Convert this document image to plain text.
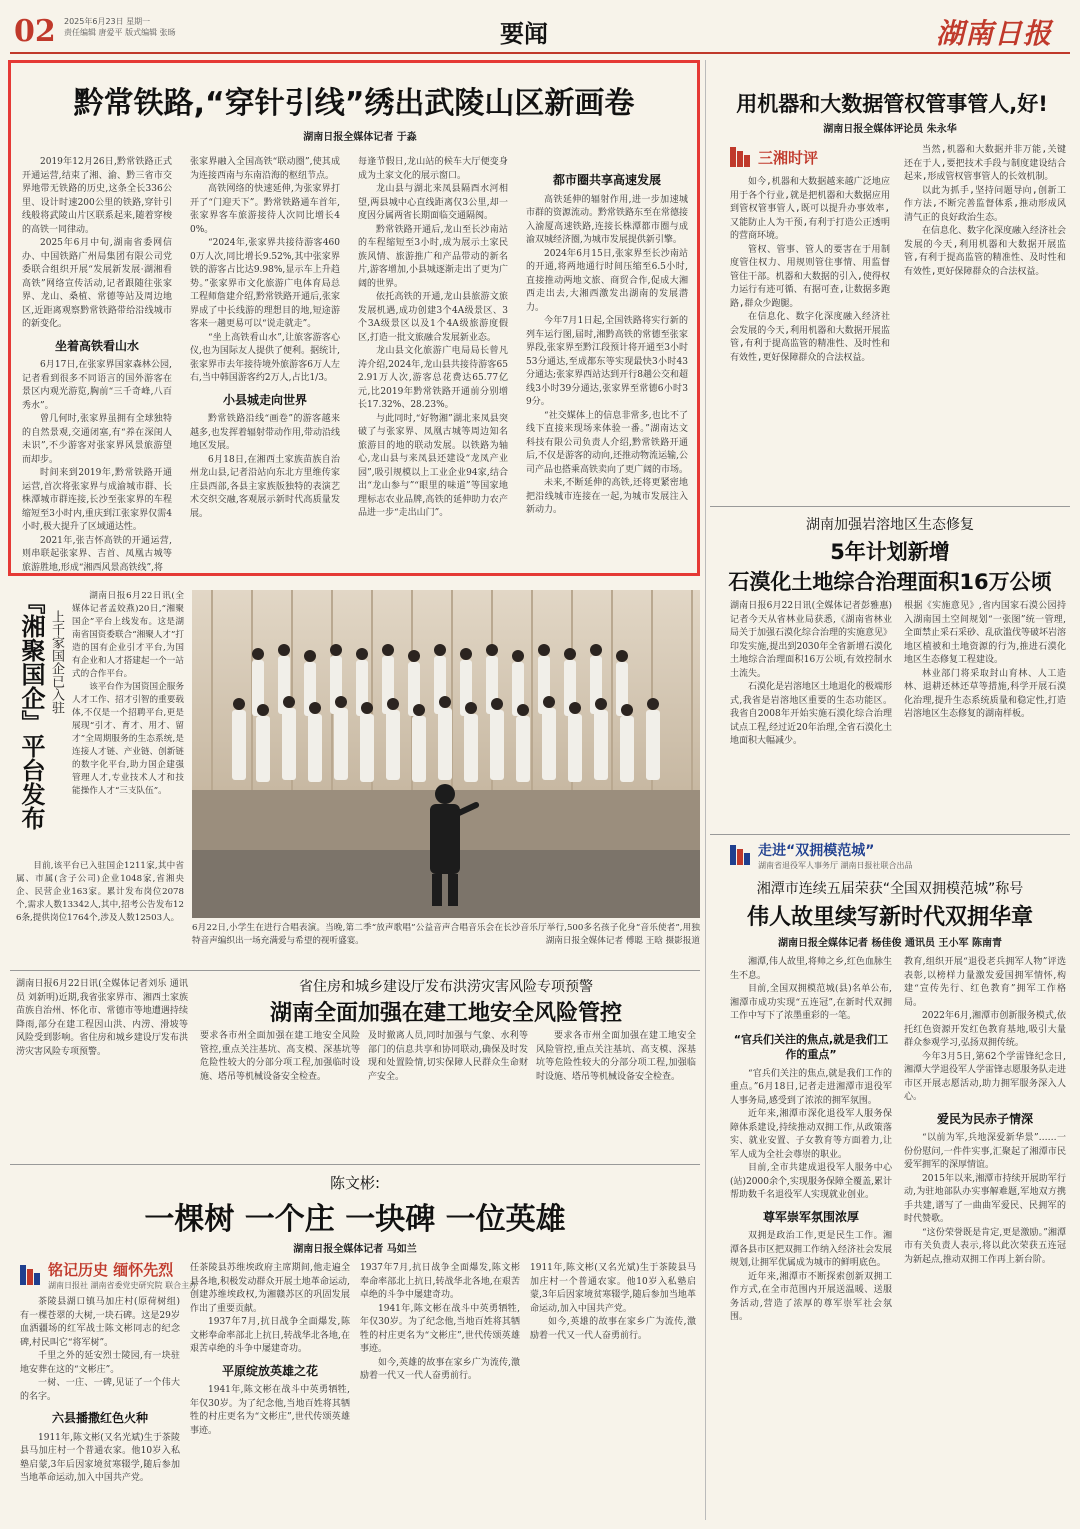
02 2025年6月23日 星期一
责任编辑 唐爱平 版式编辑 张旸	要闻	湖南日报
黔常铁路,“穿针引线”绣出武陵山区新画卷
湖南日报全媒体记者 于淼

2019年12月26日,黔常铁路正式开通运营,结束了湘、渝、黔三省市交界地带无铁路的历史,这条全长336公里、设计时速200公里的铁路,穿针引线般将武陵山片区联系起来,随着穿梭的高铁一同律动。

2025年6月中旬,湖南省委网信办、中国铁路广州局集团有限公司党委联合组织开展“发展新发展·湖湘看高铁”网络宣传活动,记者跟随往张家界、龙山、桑植、常德等站及周边地区,近距离观察黔常铁路带给沿线城市的新变化。

坐着高铁看山水

6月17日,在张家界国家森林公园,记者看到很多不同语言的国外游客在景区内观光游览,胸前“三千奇峰,八百秀水”。

曾几何时,张家界虽拥有全球独特的自然景观,交通闭塞,有“养在深闺人未识”,不少游客对张家界风景旅游望而却步。

时间来到2019年,黔常铁路开通运营,首次将张家界与成渝城市群、长株潭城市群连接,长沙至张家界的车程缩短至3小时内,重庆到江张家界仅需4小时,极大提升了区域通达性。

2021年,张吉怀高铁的开通运营,则串联起张家界、吉首、凤凰古城等旅游胜地,形成“湘西风景高铁线”,将

张家界融入全国高铁“联动圈”,使其成为连接西南与东南沿海的枢纽节点。

高铁网络的快速延伸,为张家界打开了“门迎天下”。黔常铁路通车首年,张家界客车旅游接待人次同比增长40%。

“2024年,张家界共接待游客4600万人次,同比增长9.52%,其中张家界铁的游客占比达9.98%,显示车上升趋势。”张家界市文化旅游广电体育局总工程师詹建介绍,黔常铁路开通后,张家界成了中长线游的理想目的地,短途游客来一趟更易可以“说走就走”。

“坐上高铁看山水”,让旅客游客心仪,也为国际友人提供了便利。据统计,张家界市去年接待境外旅游客6万人左右,当中韩国游客约2万人,占比1/3。

小县城走向世界

黔常铁路沿线“画卷”的游客越来越多,也发挥着辐射带动作用,带动沿线地区发展。

6月18日,在湘西土家族苗族自治州龙山县,记者沿站向东北方里维传家庄县西部,各县主家族版独特的表演艺术交织交融,客观展示新时代高质量发展。

每逢节假日,龙山站的候车大厅便变身成为土家文化的展示窗口。

龙山县与湖北来凤县隔酉水河相望,两县城中心直线距离仅3公里,却一度因分属两省长期面临交通隔阂。

黔常铁路开通后,龙山至长沙南站的车程缩短至3小时,成为展示土家民族风情、旅游推广和产品带动的新名片,游客增加,小县城逐渐走出了更为广阔的世界。

依托高铁的开通,龙山县旅游文旅发展机遇,成功创建3个4A级景区、3个3A级景区以及1个4A级旅游度假区,打造一批文旅融合发展新业态。

龙山县文化旅游广电局局长曾凡涛介绍,2024年,龙山县共接待游客652.91万人次,游客总花费达65.77亿元,比2019年黔常铁路开通前分别增长17.32%、28.23%。

与此同时,“好物湘”湖北来凤县突破了与张家界、凤凰古城等周边知名旅游目的地的联动发展。以铁路为轴心,龙山县与来凤县还建设“龙凤产业园”,吸引规模以上工业企业94家,结合出“龙山参与”“眼里的味道”等国家地理标志农业品牌,高铁的延伸助力农产品进一步“走出山门”。

都市圈共享高速发展

高铁延伸的辐射作用,进一步加速城市群的资源流动。黔常铁路东至在常德接入渝厦高速铁路,连接长株潭都市圈与成渝双城经济圈,为城市发展提供新引擎。

2024年6月15日,张家界至长沙南站的开通,将两地通行时间压缩至6.5小时,直接推动两地文旅、商贸合作,促成大湘西走出去,大湘西激发出湖南的发展潜力。

今年7月1日起,全国铁路将实行新的列车运行图,届时,湘黔高铁的常德至张家界段,张家界至黔江段预计将开通至3小时53分通达,至成都东等实现最快3小时43分通达;张家界西站达到开行8趟公交和超线3小时39分通达,张家界至常德6小时39分。

“社交媒体上的信息非常多,也比不了线下直接来现场来体验一番。”湖南达文科技有限公司负责人介绍,黔常铁路开通后,不仅是游客的动向,还推动物流运输,公司产品也搭乘高铁卖向了更广阔的市场。

未来,不断延伸的高铁,还将更紧密地把沿线城市连接在一起,为城市发展注入新动力。

用机器和大数据管权管事管人,好!
湖南日报全媒体评论员 朱永华
三湘时评

如今,机器和大数据越来越广泛地应用于各个行业,就是把机器和大数据应用到管权管事管人,既可以提升办事效率,又能防止人为干预,有利于打造公正透明的营商环境。

管权、管事、管人的要害在于用制度管住权力、用规则管住事情、用监督管住干部。机器和大数据的引入,使得权力运行有迹可循、有据可查,让数据多跑路,群众少跑腿。

在信息化、数字化深度融入经济社会发展的今天,利用机器和大数据开展监管,有利于提高监管的精准性、及时性和有效性,更好保障群众的合法权益。

当然,机器和大数据并非万能,关键还在于人,要把技术手段与制度建设结合起来,形成管权管事管人的长效机制。

以此为抓手,坚持问题导向,创新工作方法,不断完善监督体系,推动形成风清气正的良好政治生态。

在信息化、数字化深度融入经济社会发展的今天,利用机器和大数据开展监管,有利于提高监管的精准性、及时性和有效性,更好保障群众的合法权益。

湖南加强岩溶地区生态修复
5年计划新增
石漠化土地综合治理面积16万公顷

湖南日报6月22日讯(全媒体记者彭雅惠)记者今天从省林业局获悉,《湖南省林业局关于加强石漠化综合治理的实施意见》印发实施,提出到2030年全省新增石漠化土地综合治理面积16万公顷,有效控制水土流失。

石漠化是岩溶地区土地退化的极端形式,我省是岩溶地区重要的生态功能区。我省自2008年开始实施石漠化综合治理试点工程,经过近20年治理,全省石漠化土地面积大幅减少。

根据《实施意见》,省内国家石漠公园持入湖南国土空间规划“一张图”统一管理,全面禁止采石采砂、乱砍滥伐等破坏岩溶地区植被和土地资源的行为,推进石漠化地区生态修复工程建设。

林业部门将采取封山育林、人工造林、退耕还林还草等措施,科学开展石漠化治理,提升生态系统质量和稳定性,打造岩溶地区生态修复的湖南样板。

走进“双拥模范城”
湖南省退役军人事务厅 湖南日报社联合出品
湘潭市连续五届荣获“全国双拥模范城”称号
伟人故里续写新时代双拥华章
湖南日报全媒体记者 杨佳俊 通讯员 王小军 陈南青

湘潭,伟人故里,将帅之乡,红色血脉生生不息。

目前,全国双拥模范城(县)名单公布,湘潭市成功实现“五连冠”,在新时代双拥工作中写下了浓墨重彩的一笔。

“官兵们关注的焦点,就是我们工作的重点”

“官兵们关注的焦点,就是我们工作的重点。”6月18日,记者走进湘潭市退役军人事务局,感受到了浓浓的拥军氛围。

近年来,湘潭市深化退役军人服务保障体系建设,持续推动双拥工作,从政策落实、就业安置、子女教育等方面着力,让军人成为全社会尊崇的职业。

目前,全市共建成退役军人服务中心(站)2000余个,实现服务保障全覆盖,累计帮助数千名退役军人实现就业创业。

尊军崇军氛围浓厚

双拥是政治工作,更是民生工作。湘潭各县市区把双拥工作纳入经济社会发展规划,让拥军优属成为城市的鲜明底色。

近年来,湘潭市不断探索创新双拥工作方式,在全市范围内开展送温暖、送服务活动,营造了浓厚的尊军崇军社会氛围。

教育,组织开展“退役老兵拥军人物”评选表彰,以榜样力量激发爱国拥军情怀,构建“宣传先行、红色教育”拥军工作格局。

2022年6月,湘潭市创新服务模式,依托红色资源开发红色教育基地,吸引大量群众参观学习,弘扬双拥传统。

今年3月5日,第62个学雷锋纪念日,湘潭大学退役军人学雷锋志愿服务队走进市区开展志愿活动,助力拥军服务深入人心。

爱民为民赤子情深

“以前为军,兵地深爱新华景”……一份份慰问,一件件实事,汇聚起了湘潭市民爱军拥军的深厚情谊。

2015年以来,湘潭市持续开展助军行动,为驻地部队办实事解难题,军地双方携手共建,谱写了一曲曲军爱民、民拥军的时代赞歌。

“这份荣誉既是肯定,更是激励。”湘潭市有关负责人表示,将以此次荣获五连冠为新起点,推动双拥工作再上新台阶。

『湘聚国企』平台发布 上千家国企已入驻

湖南日报6月22日讯(全媒体记者孟姣燕)20日,“湘聚国企”平台上线发布。这是湖南省国资委联合“湘聚人才”打造的国有企业引才平台,为国有企业和人才搭建起一个一站式的合作平台。

该平台作为国资国企服务人才工作、招才引智的重要载体,不仅是一个招聘平台,更是展现“引才、育才、用才、留才”全周期服务的生态系统,是连接人才链、产业链、创新链的数字化平台,助力国企建强管理人才,专业技术人才和技能操作人才“三支队伍”。

目前,该平台已入驻国企1211家,其中省属、市属(含子公司)企业1048家,省湘央企、民营企业163家。累计发布岗位2078个,需求人数13342人,其中,招考公告发布126条,提供岗位1764个,涉及人数12503人。

6月22日,小学生在进行合唱表演。当晚,第二季“放声歌唱”公益音声合唱音乐会在长沙音乐厅举行,500多名孩子化身“音乐使者”,用独特音声编织出一场充满爱与希望的视听盛宴。	湖南日报全媒体记者 傅聪 王晗 摄影报道

湖南日报6月22日讯(全媒体记者刘乐 通讯员 刘新明)近期,我省张家界市、湘西土家族苗族自治州、怀化市、常德市等地遭遇持续降雨,部分在建工程因山洪、内涝、滑坡等风险受到影响。省住房和城乡建设厅发布洪涝灾害风险专项预警。

省住房和城乡建设厅发布洪涝灾害风险专项预警
湖南全面加强在建工地安全风险管控

要求各市州全面加强在建工地安全风险管控,重点关注基坑、高支模、深基坑等危险性较大的分部分项工程,加强临时设施、塔吊等机械设备安全检查。

及时撤离人员,同时加强与气象、水利等部门的信息共享和协同联动,确保及时发现和处置险情,切实保障人民群众生命财产安全。

要求各市州全面加强在建工地安全风险管控,重点关注基坑、高支模、深基坑等危险性较大的分部分项工程,加强临时设施、塔吊等机械设备安全检查。

陈文彬:
一棵树 一个庄 一块碑 一位英雄
湖南日报全媒体记者 马如兰
铭记历史 缅怀先烈
湖南日报社 湖南省委党史研究院 联合主办

茶陵县湖口镇马加庄村(原荷树组)有一棵苍翠的大树,一块石碑。这是29岁血洒疆场的红军战士陈文彬同志的纪念碑,村民叫它“将军树”。

千里之外的延安烈士陵园,有一块驻地安葬在这的“文彬庄”。

一树、一庄、一碑,见证了一个伟大的名字。

六县播撒红色火种

1911年,陈文彬(又名光斌)生于茶陵县马加庄村一个普通农家。他10岁入私塾启蒙,3年后因家境贫寒辍学,随后参加当地革命运动,加入中国共产党。

任茶陵县苏维埃政府主席期间,他走遍全县各地,积极发动群众开展土地革命运动,创建苏维埃政权,为湘赣苏区的巩固发展作出了重要贡献。

1937年7月,抗日战争全面爆发,陈文彬奉命率部北上抗日,转战华北各地,在艰苦卓绝的斗争中屡建奇功。

平原绽放英雄之花

1941年,陈文彬在战斗中英勇牺牲,年仅30岁。为了纪念他,当地百姓将其牺牲的村庄更名为“文彬庄”,世代传颂英雄事迹。

1937年7月,抗日战争全面爆发,陈文彬奉命率部北上抗日,转战华北各地,在艰苦卓绝的斗争中屡建奇功。

1941年,陈文彬在战斗中英勇牺牲,年仅30岁。为了纪念他,当地百姓将其牺牲的村庄更名为“文彬庄”,世代传颂英雄事迹。

如今,英雄的故事在家乡广为流传,激励着一代又一代人奋勇前行。

1911年,陈文彬(又名光斌)生于茶陵县马加庄村一个普通农家。他10岁入私塾启蒙,3年后因家境贫寒辍学,随后参加当地革命运动,加入中国共产党。

如今,英雄的故事在家乡广为流传,激励着一代又一代人奋勇前行。
